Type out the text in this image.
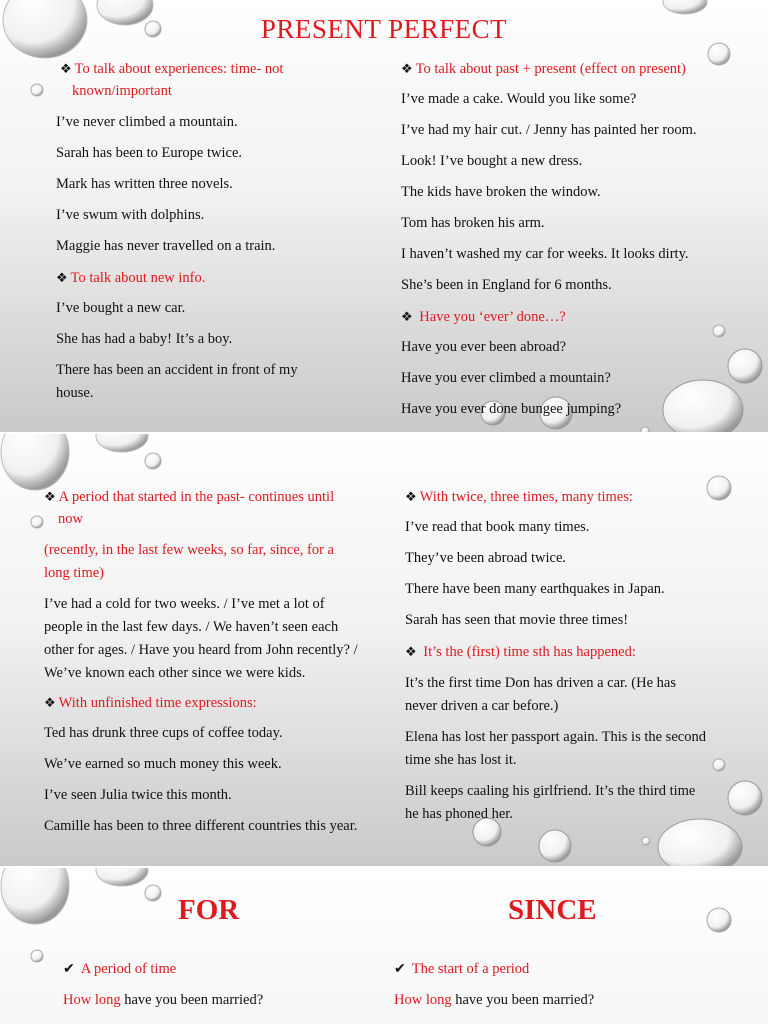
PRESENT PERFECT

❖ To talk about experiences: time- not

known/important

I’ve never climbed a mountain.

Sarah has been to Europe twice.

Mark has written three novels.

I’ve swum with dolphins.

Maggie has never travelled on a train.

❖ To talk about new info.

I’ve bought a new car.

She has had a baby! It’s a boy.

There has been an accident in front of my

house.

❖ To talk about past + present (effect on present)

I’ve made a cake. Would you like some?

I’ve had my hair cut. / Jenny has painted her room.

Look! I’ve bought a new dress.

The kids have broken the window.

Tom has broken his arm.

I haven’t washed my car for weeks. It looks dirty.

She’s been in England for 6 months.

❖ Have you ‘ever’ done…?

Have you ever been abroad?

Have you ever climbed a mountain?

Have you ever done bungee jumping?

❖ A period that started in the past- continues until

now

(recently, in the last few weeks, so far, since, for a

long time)

I’ve had a cold for two weeks. / I’ve met a lot of

people in the last few days. / We haven’t seen each

other for ages. / Have you heard from John recently? /

We’ve known each other since we were kids.

❖ With unfinished time expressions:

Ted has drunk three cups of coffee today.

We’ve earned so much money this week.

I’ve seen Julia twice this month.

Camille has been to three different countries this year.

❖ With twice, three times, many times:

I’ve read that book many times.

They’ve been abroad twice.

There have been many earthquakes in Japan.

Sarah has seen that movie three times!

❖ It’s the (first) time sth has happened:

It’s the first time Don has driven a car. (He has

never driven a car before.)

Elena has lost her passport again. This is the second

time she has lost it.

Bill keeps caaling his girlfriend. It’s the third time

he has phoned her.

FOR	SINCE

✔ A period of time

How long have you been married?

✔ The start of a period

How long have you been married?
